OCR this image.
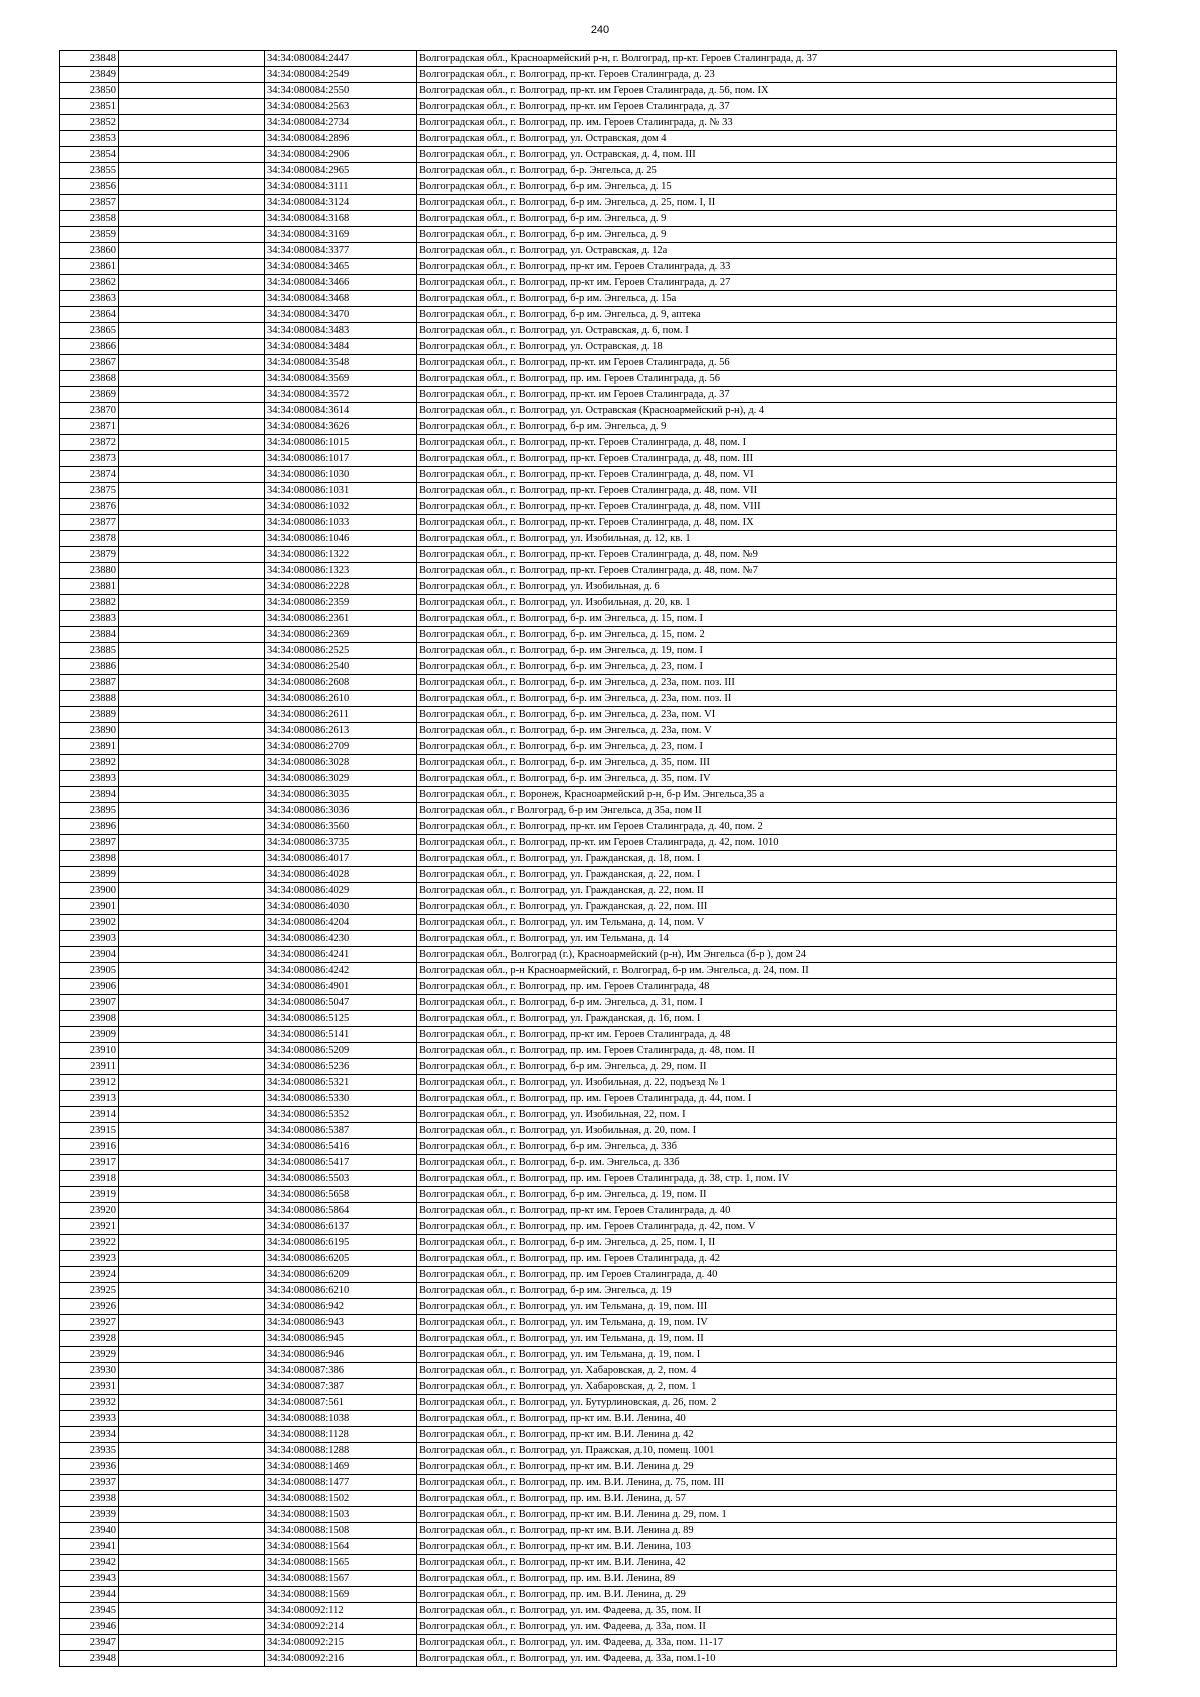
240
23848		34:34:080084:2447	Волгоградская обл., Красноармейский р-н, г. Волгоград, пр-кт. Героев Сталинграда, д. 37
23849		34:34:080084:2549	Волгоградская обл., г. Волгоград, пр-кт. Героев Сталинграда, д. 23
23850		34:34:080084:2550	Волгоградская обл., г. Волгоград, пр-кт. им Героев Сталинграда, д. 56, пом. IX
23851		34:34:080084:2563	Волгоградская обл., г. Волгоград, пр-кт. им Героев Сталинграда, д. 37
23852		34:34:080084:2734	Волгоградская обл., г. Волгоград, пр. им. Героев Сталинграда, д. № 33
23853		34:34:080084:2896	Волгоградская обл., г. Волгоград, ул. Остравская, дом 4
23854		34:34:080084:2906	Волгоградская обл., г. Волгоград, ул. Остравская, д. 4, пом. III
23855		34:34:080084:2965	Волгоградская обл., г. Волгоград, б-р. Энгельса, д. 25
23856		34:34:080084:3111	Волгоградская обл., г. Волгоград, б-р им. Энгельса, д. 15
23857		34:34:080084:3124	Волгоградская обл., г. Волгоград, б-р им. Энгельса, д. 25, пом. I, II
23858		34:34:080084:3168	Волгоградская обл., г. Волгоград, б-р им. Энгельса, д. 9
23859		34:34:080084:3169	Волгоградская обл., г. Волгоград, б-р им. Энгельса, д. 9
23860		34:34:080084:3377	Волгоградская обл., г. Волгоград, ул. Остравская, д. 12а
23861		34:34:080084:3465	Волгоградская обл., г. Волгоград, пр-кт им. Героев Сталинграда, д. 33
23862		34:34:080084:3466	Волгоградская обл., г. Волгоград, пр-кт им. Героев Сталинграда, д. 27
23863		34:34:080084:3468	Волгоградская обл., г. Волгоград, б-р им. Энгельса, д. 15а
23864		34:34:080084:3470	Волгоградская обл., г. Волгоград, б-р им. Энгельса, д. 9, аптека
23865		34:34:080084:3483	Волгоградская обл., г. Волгоград, ул. Остравская, д. 6, пом. I
23866		34:34:080084:3484	Волгоградская обл., г. Волгоград, ул. Остравская, д. 18
23867		34:34:080084:3548	Волгоградская обл., г. Волгоград, пр-кт. им Героев Сталинграда, д. 56
23868		34:34:080084:3569	Волгоградская обл., г. Волгоград, пр. им. Героев Сталинграда, д. 56
23869		34:34:080084:3572	Волгоградская обл., г. Волгоград, пр-кт. им Героев Сталинграда, д. 37
23870		34:34:080084:3614	Волгоградская обл., г. Волгоград, ул. Остравская (Красноармейский р-н), д. 4
23871		34:34:080084:3626	Волгоградская обл., г. Волгоград, б-р им. Энгельса, д. 9
23872		34:34:080086:1015	Волгоградская обл., г. Волгоград, пр-кт. Героев Сталинграда, д. 48, пом. I
23873		34:34:080086:1017	Волгоградская обл., г. Волгоград, пр-кт. Героев Сталинграда, д. 48, пом. III
23874		34:34:080086:1030	Волгоградская обл., г. Волгоград, пр-кт. Героев Сталинграда, д. 48, пом. VI
23875		34:34:080086:1031	Волгоградская обл., г. Волгоград, пр-кт. Героев Сталинграда, д. 48, пом. VII
23876		34:34:080086:1032	Волгоградская обл., г. Волгоград, пр-кт. Героев Сталинграда, д. 48, пом. VIII
23877		34:34:080086:1033	Волгоградская обл., г. Волгоград, пр-кт. Героев Сталинграда, д. 48, пом. IX
23878		34:34:080086:1046	Волгоградская обл., г. Волгоград, ул. Изобильная, д. 12, кв. 1
23879		34:34:080086:1322	Волгоградская обл., г. Волгоград, пр-кт. Героев Сталинграда, д. 48, пом. №9
23880		34:34:080086:1323	Волгоградская обл., г. Волгоград, пр-кт. Героев Сталинграда, д. 48, пом. №7
23881		34:34:080086:2228	Волгоградская обл., г. Волгоград, ул. Изобильная, д. 6
23882		34:34:080086:2359	Волгоградская обл., г. Волгоград, ул. Изобильная, д. 20, кв. 1
23883		34:34:080086:2361	Волгоградская обл., г. Волгоград, б-р. им Энгельса, д. 15, пом. I
23884		34:34:080086:2369	Волгоградская обл., г. Волгоград, б-р. им Энгельса, д. 15, пом. 2
23885		34:34:080086:2525	Волгоградская обл., г. Волгоград, б-р. им Энгельса, д. 19, пом. I
23886		34:34:080086:2540	Волгоградская обл., г. Волгоград, б-р. им Энгельса, д. 23, пом. I
23887		34:34:080086:2608	Волгоградская обл., г. Волгоград, б-р. им Энгельса, д. 23а, пом. поз. III
23888		34:34:080086:2610	Волгоградская обл., г. Волгоград, б-р. им Энгельса, д. 23а, пом. поз. II
23889		34:34:080086:2611	Волгоградская обл., г. Волгоград, б-р. им Энгельса, д. 23а, пом. VI
23890		34:34:080086:2613	Волгоградская обл., г. Волгоград, б-р. им Энгельса, д. 23а, пом. V
23891		34:34:080086:2709	Волгоградская обл., г. Волгоград, б-р. им Энгельса, д. 23, пом. I
23892		34:34:080086:3028	Волгоградская обл., г. Волгоград, б-р. им Энгельса, д. 35, пом. III
23893		34:34:080086:3029	Волгоградская обл., г. Волгоград, б-р. им Энгельса, д. 35, пом. IV
23894		34:34:080086:3035	Волгоградская обл., г. Воронеж, Красноармейский р-н, б-р Им. Энгельса,35 а
23895		34:34:080086:3036	Волгоградская обл., г Волгоград, б-р им Энгельса, д 35а, пом II
23896		34:34:080086:3560	Волгоградская обл., г. Волгоград, пр-кт. им Героев Сталинграда, д. 40, пом. 2
23897		34:34:080086:3735	Волгоградская обл., г. Волгоград, пр-кт. им Героев Сталинграда, д. 42, пом. 1010
23898		34:34:080086:4017	Волгоградская обл., г. Волгоград, ул. Гражданская, д. 18, пом. I
23899		34:34:080086:4028	Волгоградская обл., г. Волгоград, ул. Гражданская, д. 22, пом. I
23900		34:34:080086:4029	Волгоградская обл., г. Волгоград, ул. Гражданская, д. 22, пом. II
23901		34:34:080086:4030	Волгоградская обл., г. Волгоград, ул. Гражданская, д. 22, пом. III
23902		34:34:080086:4204	Волгоградская обл., г. Волгоград, ул. им Тельмана, д. 14, пом. V
23903		34:34:080086:4230	Волгоградская обл., г. Волгоград, ул. им Тельмана, д. 14
23904		34:34:080086:4241	Волгоградская обл., Волгоград (г.), Красноармейский (р-н), Им Энгельса (б-р ), дом 24
23905		34:34:080086:4242	Волгоградская обл., р-н Красноармейский, г. Волгоград, б-р им. Энгельса, д. 24, пом. II
23906		34:34:080086:4901	Волгоградская обл., г. Волгоград, пр. им. Героев Сталинграда, 48
23907		34:34:080086:5047	Волгоградская обл., г. Волгоград, б-р им. Энгельса, д. 31, пом. I
23908		34:34:080086:5125	Волгоградская обл., г. Волгоград, ул. Гражданская, д. 16, пом. I
23909		34:34:080086:5141	Волгоградская обл., г. Волгоград, пр-кт им. Героев Сталинграда, д. 48
23910		34:34:080086:5209	Волгоградская обл., г. Волгоград, пр. им. Героев Сталинграда, д. 48, пом. II
23911		34:34:080086:5236	Волгоградская обл., г. Волгоград, б-р им. Энгельса, д. 29, пом. II
23912		34:34:080086:5321	Волгоградская обл., г. Волгоград, ул. Изобильная, д. 22, подъезд № 1
23913		34:34:080086:5330	Волгоградская обл., г. Волгоград, пр. им. Героев Сталинграда, д. 44, пом. I
23914		34:34:080086:5352	Волгоградская обл., г. Волгоград, ул. Изобильная, 22, пом. I
23915		34:34:080086:5387	Волгоградская обл., г. Волгоград, ул. Изобильная, д. 20, пом. I
23916		34:34:080086:5416	Волгоградская обл., г. Волгоград, б-р им. Энгельса, д. 33б
23917		34:34:080086:5417	Волгоградская обл., г. Волгоград, б-р. им. Энгельса, д. 33б
23918		34:34:080086:5503	Волгоградская обл., г. Волгоград, пр. им. Героев Сталинграда, д. 38, стр. 1, пом. IV
23919		34:34:080086:5658	Волгоградская обл., г. Волгоград, б-р им. Энгельса, д. 19, пом. II
23920		34:34:080086:5864	Волгоградская обл., г. Волгоград, пр-кт им. Героев Сталинграда, д. 40
23921		34:34:080086:6137	Волгоградская обл., г. Волгоград, пр. им. Героев Сталинграда, д. 42, пом. V
23922		34:34:080086:6195	Волгоградская обл., г. Волгоград, б-р им. Энгельса, д. 25, пом. I, II
23923		34:34:080086:6205	Волгоградская обл., г. Волгоград, пр. им. Героев Сталинграда, д. 42
23924		34:34:080086:6209	Волгоградская обл., г. Волгоград, пр. им Героев Сталинграда, д. 40
23925		34:34:080086:6210	Волгоградская обл., г. Волгоград, б-р им. Энгельса, д. 19
23926		34:34:080086:942	Волгоградская обл., г. Волгоград, ул. им Тельмана, д. 19, пом. III
23927		34:34:080086:943	Волгоградская обл., г. Волгоград, ул. им Тельмана, д. 19, пом. IV
23928		34:34:080086:945	Волгоградская обл., г. Волгоград, ул. им Тельмана, д. 19, пом. II
23929		34:34:080086:946	Волгоградская обл., г. Волгоград, ул. им Тельмана, д. 19, пом. I
23930		34:34:080087:386	Волгоградская обл., г. Волгоград, ул. Хабаровская, д. 2, пом. 4
23931		34:34:080087:387	Волгоградская обл., г. Волгоград, ул. Хабаровская, д. 2, пом. 1
23932		34:34:080087:561	Волгоградская обл., г. Волгоград, ул. Бутурлиновская, д. 26, пом. 2
23933		34:34:080088:1038	Волгоградская обл., г. Волгоград, пр-кт им. В.И. Ленина, 40
23934		34:34:080088:1128	Волгоградская обл., г. Волгоград, пр-кт им. В.И. Ленина д. 42
23935		34:34:080088:1288	Волгоградская обл., г. Волгоград, ул. Пражская, д.10, помещ. 1001
23936		34:34:080088:1469	Волгоградская обл., г. Волгоград, пр-кт им. В.И. Ленина д. 29
23937		34:34:080088:1477	Волгоградская обл., г. Волгоград, пр. им. В.И. Ленина, д. 75, пом. III
23938		34:34:080088:1502	Волгоградская обл., г. Волгоград, пр. им. В.И. Ленина, д. 57
23939		34:34:080088:1503	Волгоградская обл., г. Волгоград, пр-кт им. В.И. Ленина д. 29, пом. 1
23940		34:34:080088:1508	Волгоградская обл., г. Волгоград, пр-кт им. В.И. Ленина д. 89
23941		34:34:080088:1564	Волгоградская обл., г. Волгоград, пр-кт им. В.И. Ленина, 103
23942		34:34:080088:1565	Волгоградская обл., г. Волгоград, пр-кт им. В.И. Ленина, 42
23943		34:34:080088:1567	Волгоградская обл., г. Волгоград, пр. им. В.И. Ленина, 89
23944		34:34:080088:1569	Волгоградская обл., г. Волгоград, пр. им. В.И. Ленина, д. 29
23945		34:34:080092:112	Волгоградская обл., г. Волгоград, ул. им. Фадеева, д. 35, пом. II
23946		34:34:080092:214	Волгоградская обл., г. Волгоград, ул. им. Фадеева, д. 33а, пом. II
23947		34:34:080092:215	Волгоградская обл., г. Волгоград, ул. им. Фадеева, д. 33а, пом. 11-17
23948		34:34:080092:216	Волгоградская обл., г. Волгоград, ул. им. Фадеева, д. 33а, пом.1-10
